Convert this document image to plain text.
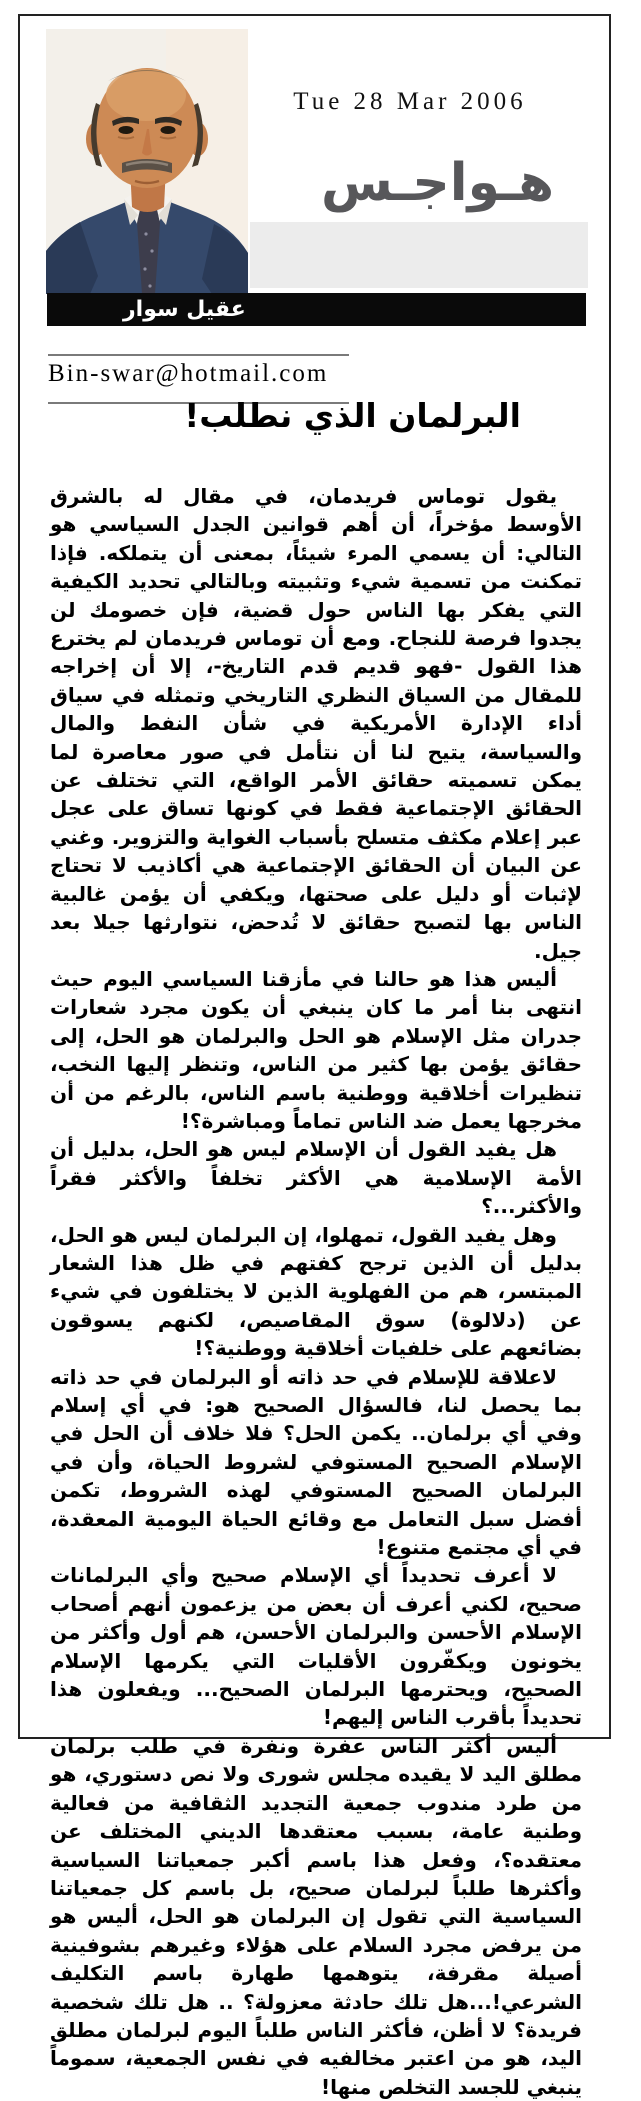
Tue 28 Mar 2006
هـواجـس
عقيل سوار
Bin-swar@hotmail.com
البرلمان الذي نطلب!

يقول توماس فريدمان، في مقال له بالشرق الأوسط مؤخراً، أن أهم قوانين الجدل السياسي هو التالي: أن يسمي المرء شيئاً، بمعنى أن يتملكه. فإذا تمكنت من تسمية شيء وتثبيته وبالتالي تحديد الكيفية التي يفكر بها الناس حول قضية، فإن خصومك لن يجدوا فرصة للنجاح. ومع أن توماس فريدمان لم يخترع هذا القول -فهو قديم قدم التاريخ-، إلا أن إخراجه للمقال من السياق النظري التاريخي وتمثله في سياق أداء الإدارة الأمريكية في شأن النفط والمال والسياسة، يتيح لنا أن نتأمل في صور معاصرة لما يمكن تسميته حقائق الأمر الواقع، التي تختلف عن الحقائق الإجتماعية فقط في كونها تساق على عجل عبر إعلام مكثف متسلح بأسباب الغواية والتزوير. وغني عن البيان أن الحقائق الإجتماعية هي أكاذيب لا تحتاج لإثبات أو دليل على صحتها، ويكفي أن يؤمن غالبية الناس بها لتصبح حقائق لا تُدحض، نتوارثها جيلا بعد جيل.

أليس هذا هو حالنا في مأزقنا السياسي اليوم حيث انتهى بنا أمر ما كان ينبغي أن يكون مجرد شعارات جدران مثل الإسلام هو الحل والبرلمان هو الحل، إلى حقائق يؤمن بها كثير من الناس، وتنظر إليها النخب، تنظيرات أخلاقية ووطنية باسم الناس، بالرغم من أن مخرجها يعمل ضد الناس تماماً ومباشرة؟!

هل يفيد القول أن الإسلام ليس هو الحل، بدليل أن الأمة الإسلامية هي الأكثر تخلفاً والأكثر فقراً والأكثر...؟

وهل يفيد القول، تمهلوا، إن البرلمان ليس هو الحل، بدليل أن الذين ترجح كفتهم في ظل هذا الشعار المبتسر، هم من الفهلوية الذين لا يختلفون في شيء عن (دلالوة) سوق المقاصيص، لكنهم يسوقون بضائعهم على خلفيات أخلاقية ووطنية؟!

لاعلاقة للإسلام في حد ذاته أو البرلمان في حد ذاته بما يحصل لنا، فالسؤال الصحيح هو: في أي إسلام وفي أي برلمان.. يكمن الحل؟ فلا خلاف أن الحل في الإسلام الصحيح المستوفي لشروط الحياة، وأن في البرلمان الصحيح المستوفي لهذه الشروط، تكمن أفضل سبل التعامل مع وقائع الحياة اليومية المعقدة، في أي مجتمع متنوع!

لا أعرف تحديداً أي الإسلام صحيح وأي البرلمانات صحيح، لكني أعرف أن بعض من يزعمون أنهم أصحاب الإسلام الأحسن والبرلمان الأحسن، هم أول وأكثر من يخونون ويكفّرون الأقليات التي يكرمها الإسلام الصحيح، ويحترمها البرلمان الصحيح... ويفعلون هذا تحديداً بأقرب الناس إليهم!

أليس أكثر الناس عفرة ونفرة في طلب برلمان مطلق اليد لا يقيده مجلس شورى ولا نص دستوري، هو من طرد مندوب جمعية التجديد الثقافية من فعالية وطنية عامة، بسبب معتقدها الديني المختلف عن معتقده؟، وفعل هذا باسم أكبر جمعياتنا السياسية وأكثرها طلباً لبرلمان صحيح، بل باسم كل جمعياتنا السياسية التي تقول إن البرلمان هو الحل، أليس هو من يرفض مجرد السلام على هؤلاء وغيرهم بشوفينية أصيلة مقرفة، يتوهمها طهارة باسم التكليف الشرعي!...هل تلك حادثة معزولة؟ .. هل تلك شخصية فريدة؟ لا أظن، فأكثر الناس طلباً اليوم لبرلمان مطلق اليد، هو من اعتبر مخالفيه في نفس الجمعية، سموماً ينبغي للجسد التخلص منها!
